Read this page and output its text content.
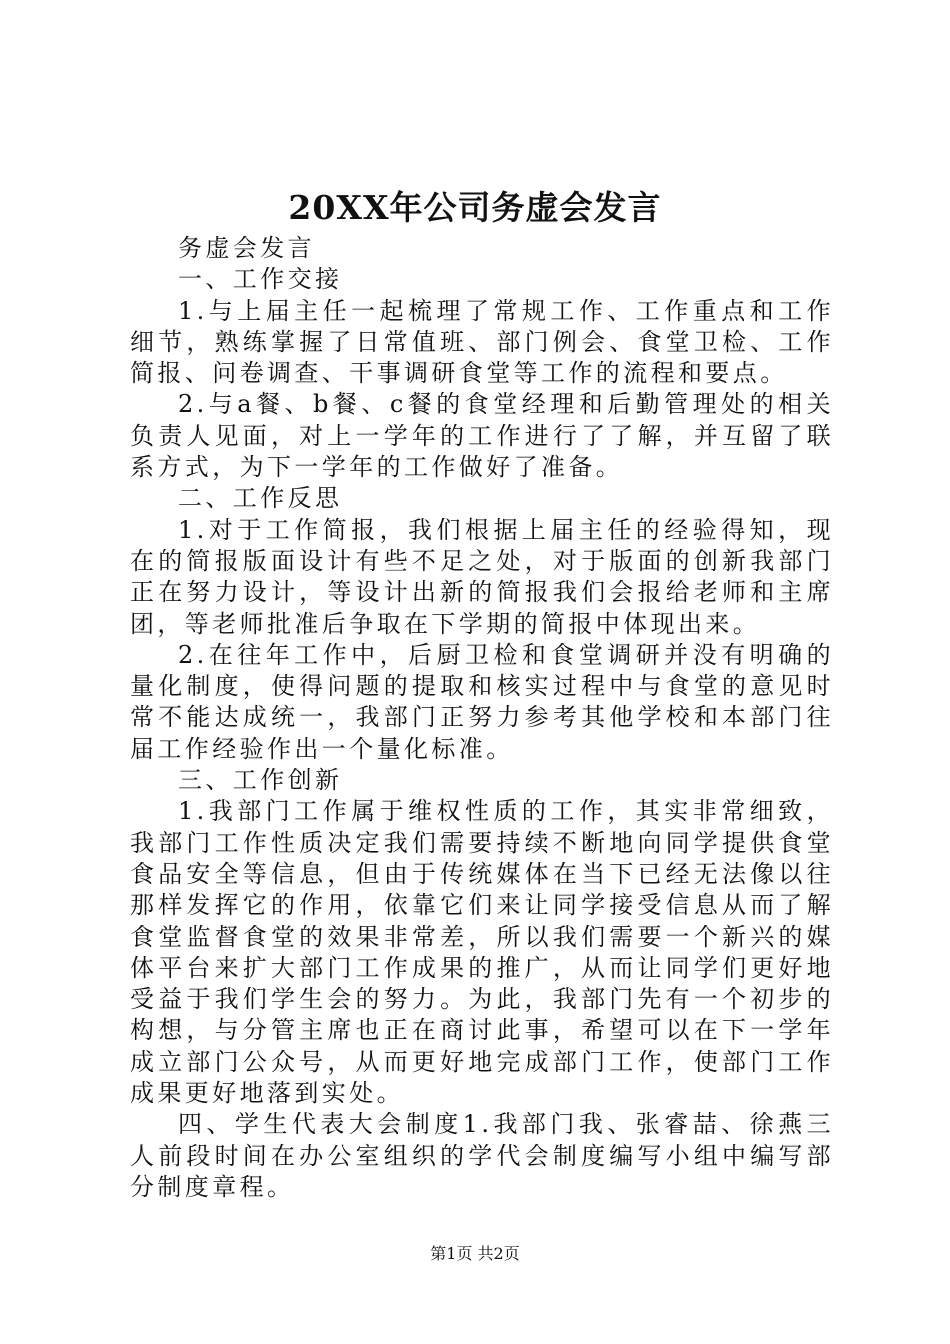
20XX年公司务虚会发言

务虚会发言

一、工作交接

1.与上届主任一起梳理了常规工作、工作重点和工作细节，熟练掌握了日常值班、部门例会、食堂卫检、工作简报、问卷调查、干事调研食堂等工作的流程和要点。

2.与a餐、b餐、c餐的食堂经理和后勤管理处的相关负责人见面，对上一学年的工作进行了了解，并互留了联系方式，为下一学年的工作做好了准备。

二、工作反思

1.对于工作简报，我们根据上届主任的经验得知，现在的简报版面设计有些不足之处，对于版面的创新我部门正在努力设计，等设计出新的简报我们会报给老师和主席团，等老师批准后争取在下学期的简报中体现出来。

2.在往年工作中，后厨卫检和食堂调研并没有明确的量化制度，使得问题的提取和核实过程中与食堂的意见时常不能达成统一，我部门正努力参考其他学校和本部门往届工作经验作出一个量化标准。

三、工作创新

1.我部门工作属于维权性质的工作，其实非常细致，我部门工作性质决定我们需要持续不断地向同学提供食堂食品安全等信息，但由于传统媒体在当下已经无法像以往那样发挥它的作用，依靠它们来让同学接受信息从而了解食堂监督食堂的效果非常差，所以我们需要一个新兴的媒体平台来扩大部门工作成果的推广，从而让同学们更好地受益于我们学生会的努力。为此，我部门先有一个初步的构想，与分管主席也正在商讨此事，希望可以在下一学年成立部门公众号，从而更好地完成部门工作，使部门工作成果更好地落到实处。

四、学生代表大会制度1.我部门我、张睿喆、徐燕三人前段时间在办公室组织的学代会制度编写小组中编写部分制度章程。

第1页 共2页
